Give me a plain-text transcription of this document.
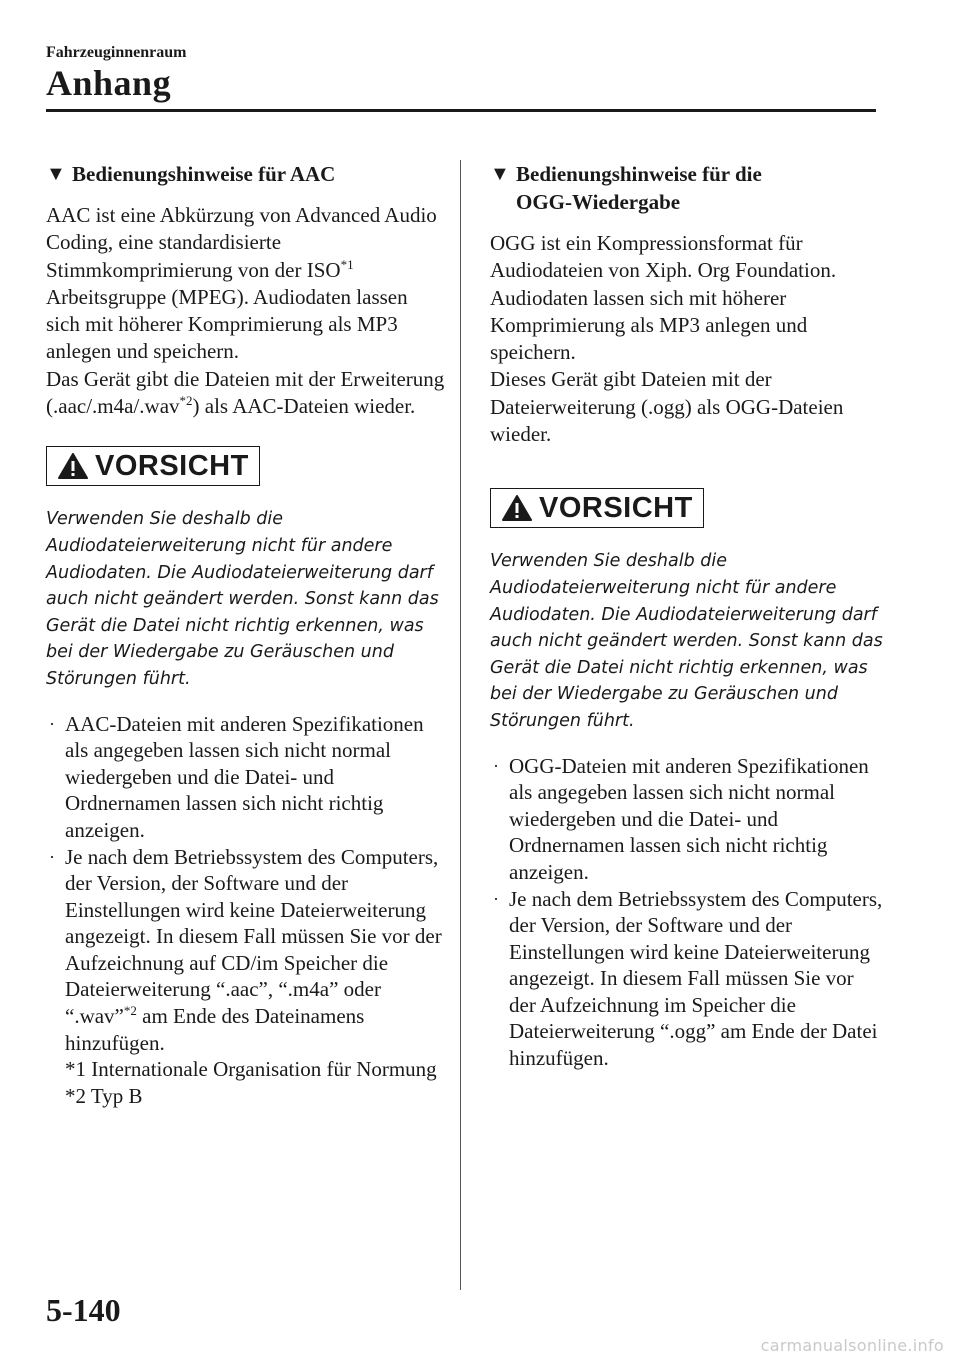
Fahrzeuginnenraum
Anhang
▼ Bedienungshinweise für AAC

AAC ist eine Abkürzung von Advanced Audio Coding, eine standardisierte Stimmkomprimierung von der ISO$^{*1}$ Arbeitsgruppe (MPEG). Audiodaten lassen sich mit höherer Komprimierung als MP3 anlegen und speichern.

Das Gerät gibt die Dateien mit der Erweiterung (.aac/.m4a/.wav$^{*2}$) als AAC-Dateien wieder.

VORSICHT

Verwenden Sie deshalb die Audiodateierweiterung nicht für andere Audiodaten. Die Audiodateierweiterung darf auch nicht geändert werden. Sonst kann das Gerät die Datei nicht richtig erkennen, was bei der Wiedergabe zu Geräuschen und Störungen führt.

· AAC-Dateien mit anderen Spezifikationen als angegeben lassen sich nicht normal wiedergeben und die Datei- und Ordnernamen lassen sich nicht richtig anzeigen.
· Je nach dem Betriebssystem des Computers, der Version, der Software und der Einstellungen wird keine Dateierweiterung angezeigt. In diesem Fall müssen Sie vor der Aufzeichnung auf CD/im Speicher die Dateierweiterung “.aac”, “.m4a” oder “.wav”$^{*2}$ am Ende des Dateinamens hinzufügen.
*1 Internationale Organisation für Normung
*2 Typ B
▼ Bedienungshinweise für die
OGG-Wiedergabe

OGG ist ein Kompressionsformat für Audiodateien von Xiph. Org Foundation. Audiodaten lassen sich mit höherer Komprimierung als MP3 anlegen und speichern.

Dieses Gerät gibt Dateien mit der Dateierweiterung (.ogg) als OGG-Dateien wieder.

VORSICHT

Verwenden Sie deshalb die Audiodateierweiterung nicht für andere Audiodaten. Die Audiodateierweiterung darf auch nicht geändert werden. Sonst kann das Gerät die Datei nicht richtig erkennen, was bei der Wiedergabe zu Geräuschen und Störungen führt.

· OGG-Dateien mit anderen Spezifikationen als angegeben lassen sich nicht normal wiedergeben und die Datei- und Ordnernamen lassen sich nicht richtig anzeigen.
· Je nach dem Betriebssystem des Computers, der Version, der Software und der Einstellungen wird keine Dateierweiterung angezeigt. In diesem Fall müssen Sie vor der Aufzeichnung im Speicher die Dateierweiterung “.ogg” am Ende der Datei hinzufügen.
5-140
carmanualsonline.info
